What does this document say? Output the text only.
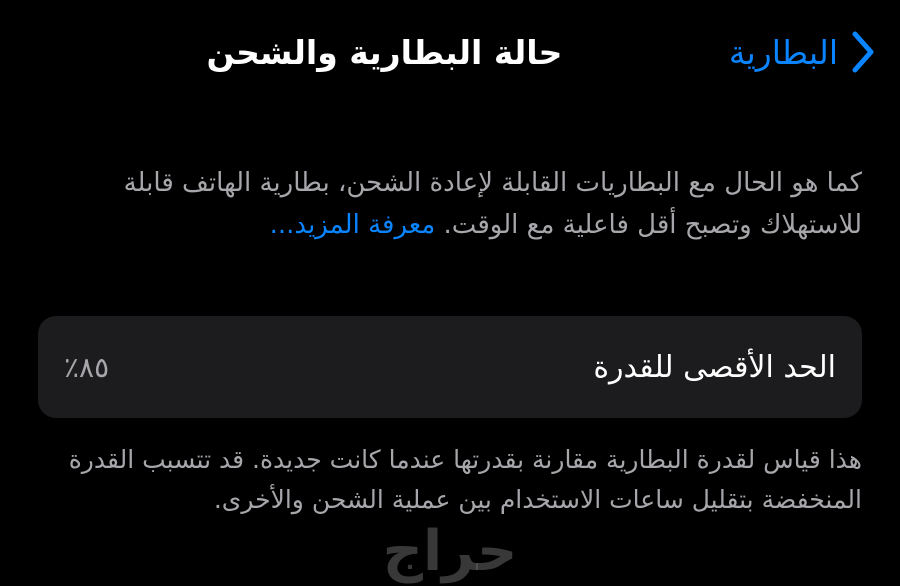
البطارية
حالة البطارية والشحن
كما هو الحال مع البطاريات القابلة لإعادة الشحن، بطارية الهاتف قابلة للاستهلاك وتصبح أقل فاعلية مع الوقت. معرفة المزيد...
الحد الأقصى للقدرة
٨٥٪
هذا قياس لقدرة البطارية مقارنة بقدرتها عندما كانت جديدة. قد تتسبب القدرة المنخفضة بتقليل ساعات الاستخدام بين عملية الشحن والأخرى.
حراج
